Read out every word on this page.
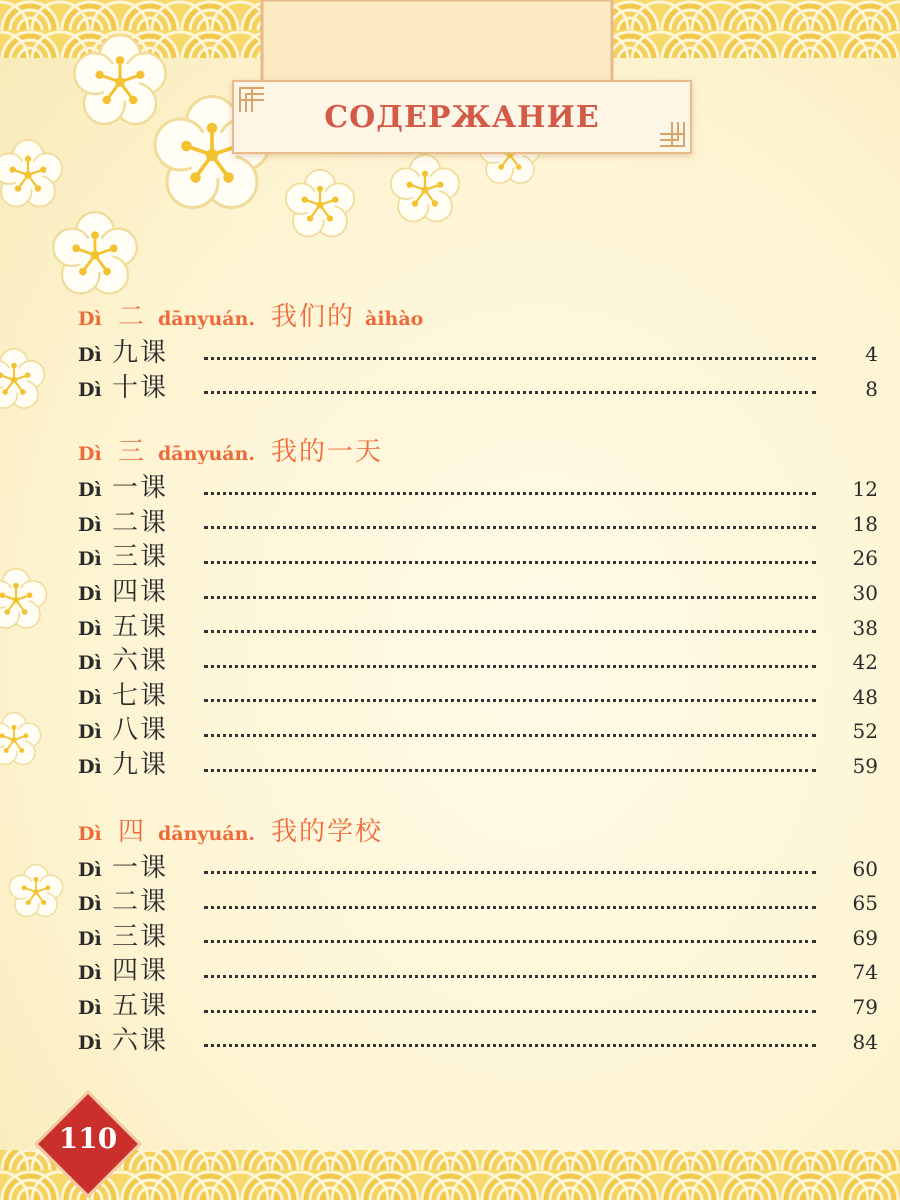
СОДЕРЖАНИЕ
Dì 二 dānyuán. 我们的 àihào
Dì 九课	4
Dì 十课	8
Dì 三 dānyuán. 我的一天
Dì 一课	12
Dì 二课	18
Dì 三课	26
Dì 四课	30
Dì 五课	38
Dì 六课	42
Dì 七课	48
Dì 八课	52
Dì 九课	59
Dì 四 dānyuán. 我的学校
Dì 一课	60
Dì 二课	65
Dì 三课	69
Dì 四课	74
Dì 五课	79
Dì 六课	84
110
